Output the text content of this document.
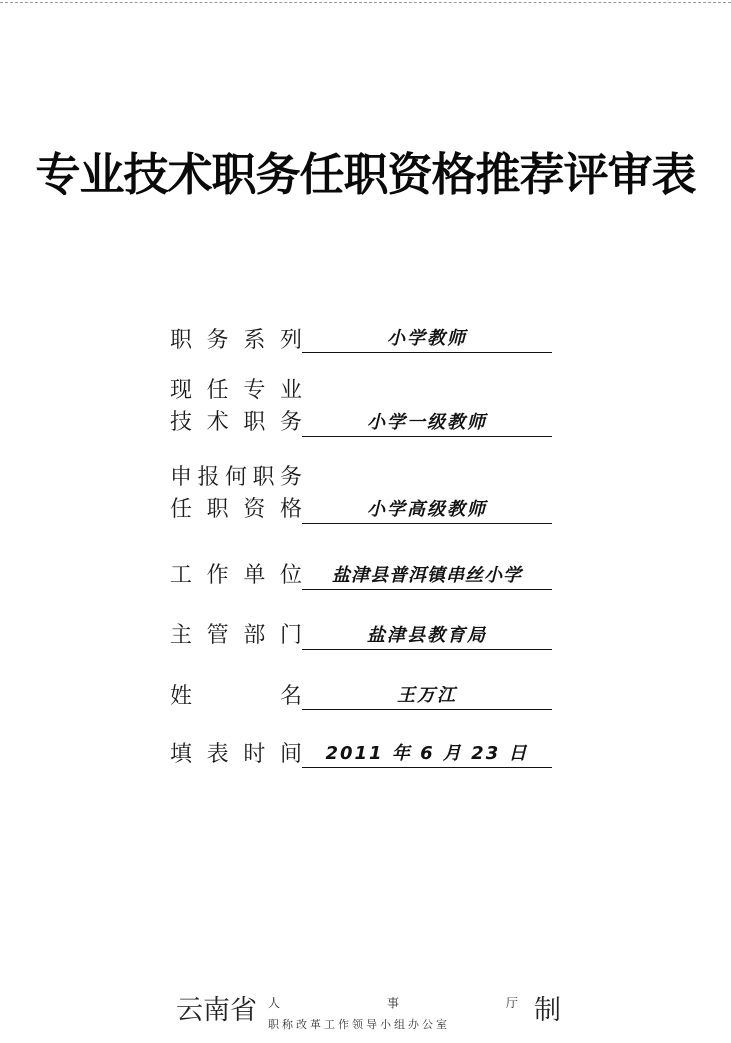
专业技术职务任职资格推荐评审表
职 务 系 列	小学教师
现 任 专 业
技 术 职 务	小学一级教师
申 报 何 职 务
任 职 资 格	小学高级教师
工 作 单 位	盐津县普洱镇串丝小学
主 管 部 门	盐津县教育局
姓	名	王万江
填 表 时 间	2011 年 6 月 23 日
云南省 人	事	厅
职称改革工作领导小组办公室	制
